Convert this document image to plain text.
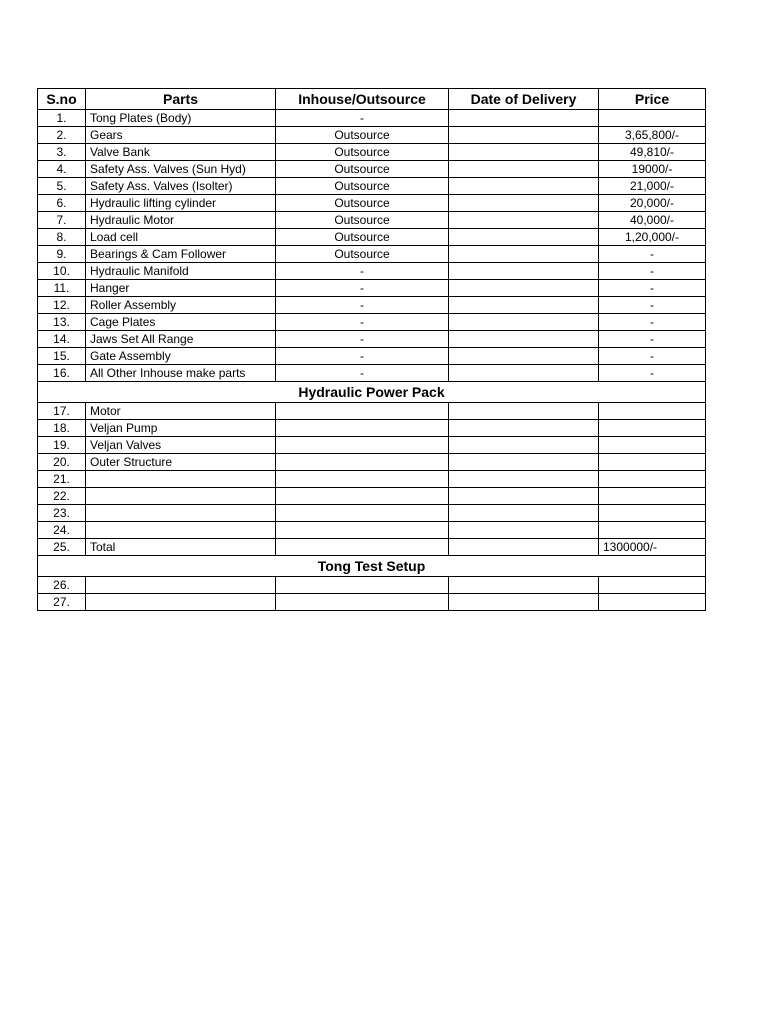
S.no	Parts	Inhouse/Outsource	Date of Delivery	Price
1.	Tong Plates (Body)	-		
2.	Gears	Outsource		3,65,800/-
3.	Valve Bank	Outsource		49,810/-
4.	Safety Ass. Valves (Sun Hyd)	Outsource		19000/-
5.	Safety Ass. Valves (Isolter)	Outsource		21,000/-
6.	Hydraulic lifting cylinder	Outsource		20,000/-
7.	Hydraulic Motor	Outsource		40,000/-
8.	Load cell	Outsource		1,20,000/-
9.	Bearings & Cam Follower	Outsource		-
10.	Hydraulic Manifold	-		-
11.	Hanger	-		-
12.	Roller Assembly	-		-
13.	Cage Plates	-		-
14.	Jaws Set All Range	-		-
15.	Gate Assembly	-		-
16.	All Other Inhouse make parts	-		-
Hydraulic Power Pack				
17.	Motor			
18.	Veljan Pump			
19.	Veljan Valves			
20.	Outer Structure			
21.				
22.				
23.				
24.				
25.	Total			1300000/-
Tong Test Setup				
26.				
27.				
